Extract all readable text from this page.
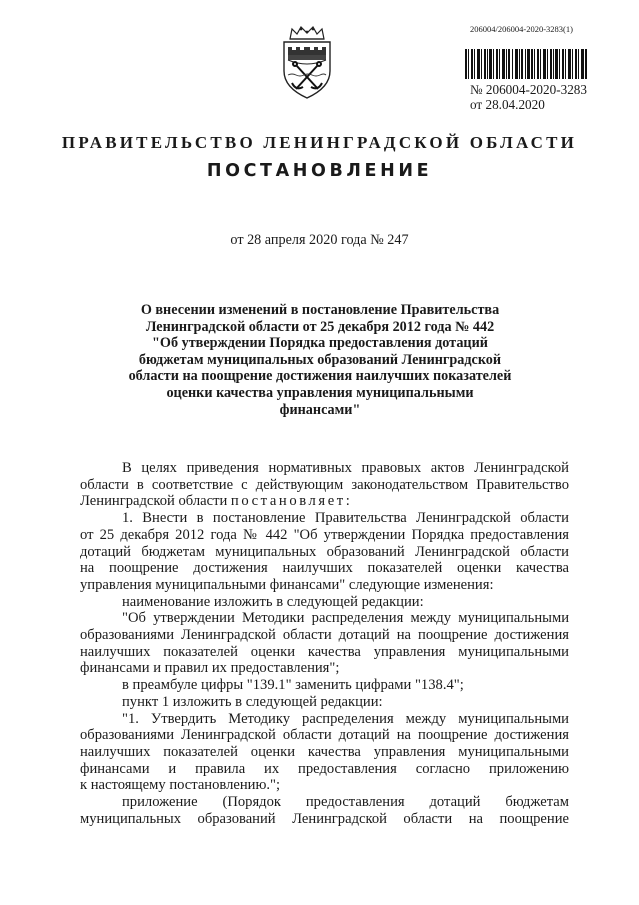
206004/206004-2020-3283(1)
№ 206004-2020-3283
от 28.04.2020
ПРАВИТЕЛЬСТВО ЛЕНИНГРАДСКОЙ ОБЛАСТИ
ПОСТАНОВЛЕНИЕ
от 28 апреля 2020 года № 247
О внесении изменений в постановление Правительства
Ленинградской области от 25 декабря 2012 года № 442
"Об утверждении Порядка предоставления дотаций
бюджетам муниципальных образований Ленинградской
области на поощрение достижения наилучших показателей
оценки качества управления муниципальными
финансами"
В целях приведения нормативных правовых актов Ленинградской
области в соответствие с действующим законодательством Правительство
Ленинградской области постановляет:
1. Внести в постановление Правительства Ленинградской области
от 25 декабря 2012 года № 442 "Об утверждении Порядка предоставления
дотаций бюджетам муниципальных образований Ленинградской области
на поощрение достижения наилучших показателей оценки качества
управления муниципальными финансами" следующие изменения:
наименование изложить в следующей редакции:
"Об утверждении Методики распределения между муниципальными
образованиями Ленинградской области дотаций на поощрение достижения
наилучших показателей оценки качества управления муниципальными
финансами и правил их предоставления";
в преамбуле цифры "139.1" заменить цифрами "138.4";
пункт 1 изложить в следующей редакции:
"1. Утвердить Методику распределения между муниципальными
образованиями Ленинградской области дотаций на поощрение достижения
наилучших показателей оценки качества управления муниципальными
финансами и правила их предоставления согласно приложению
к настоящему постановлению.";
приложение (Порядок предоставления дотаций бюджетам
муниципальных образований Ленинградской области на поощрение
